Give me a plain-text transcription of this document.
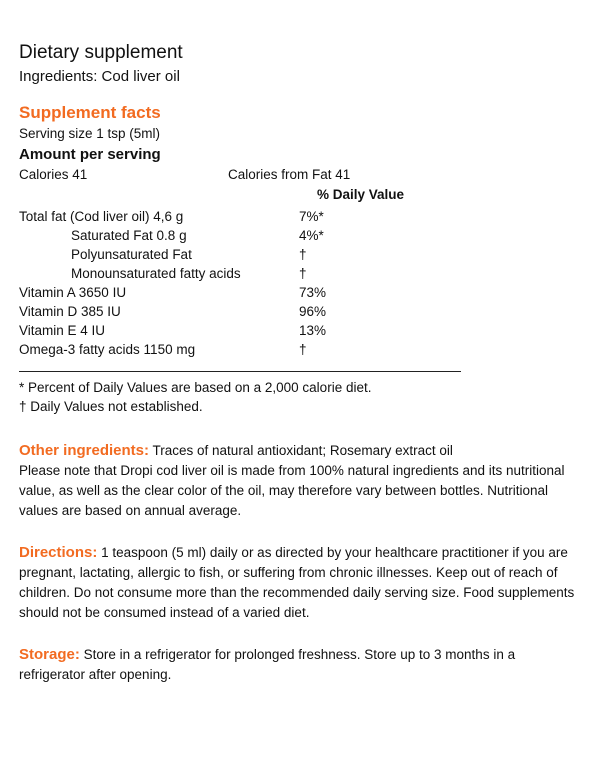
Dietary supplement

Ingredients: Cod liver oil

Supplement facts

Serving size 1 tsp (5ml)

Amount per serving

Calories 41	Calories from Fat 41
% Daily Value
Total fat (Cod liver oil) 4,6 g	7%*
Saturated Fat 0.8 g	4%*
Polyunsaturated Fat	†
Monounsaturated fatty acids	†
Vitamin A 3650 IU	73%
Vitamin D 385 IU	96%
Vitamin E 4 IU	13%
Omega-3 fatty acids 1150 mg	†

* Percent of Daily Values are based on a 2,000 calorie diet.

† Daily Values not established.

Other ingredients: Traces of natural antioxidant; Rosemary extract oil

Please note that Dropi cod liver oil is made from 100% natural ingredients and its nutritional value, as well as the clear color of the oil, may therefore vary between bottles. Nutritional values are based on annual average.

Directions: 1 teaspoon (5 ml) daily or as directed by your healthcare practitioner if you are pregnant, lactating, allergic to fish, or suffering from chronic illnesses. Keep out of reach of children. Do not consume more than the recommended daily serving size. Food supplements should not be consumed instead of a varied diet.

Storage: Store in a refrigerator for prolonged freshness. Store up to 3 months in a refrigerator after opening.
